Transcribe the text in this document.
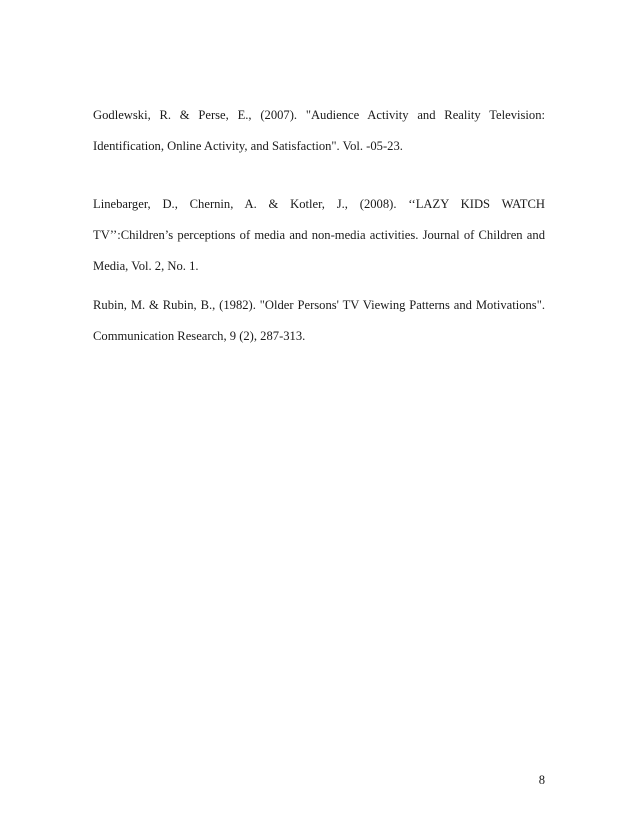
Godlewski, R. & Perse, E., (2007). "Audience Activity and Reality Television:
Identification, Online Activity, and Satisfaction". Vol. -05-23.

Linebarger, D., Chernin, A. & Kotler, J., (2008). ‘‘LAZY KIDS WATCH
TV’’:Children’s perceptions of media and non-media activities. Journal of Children and
Media, Vol. 2, No. 1.

Rubin, M. & Rubin, B., (1982). "Older Persons' TV Viewing Patterns and Motivations".
Communication Research, 9 (2), 287-313.

8
